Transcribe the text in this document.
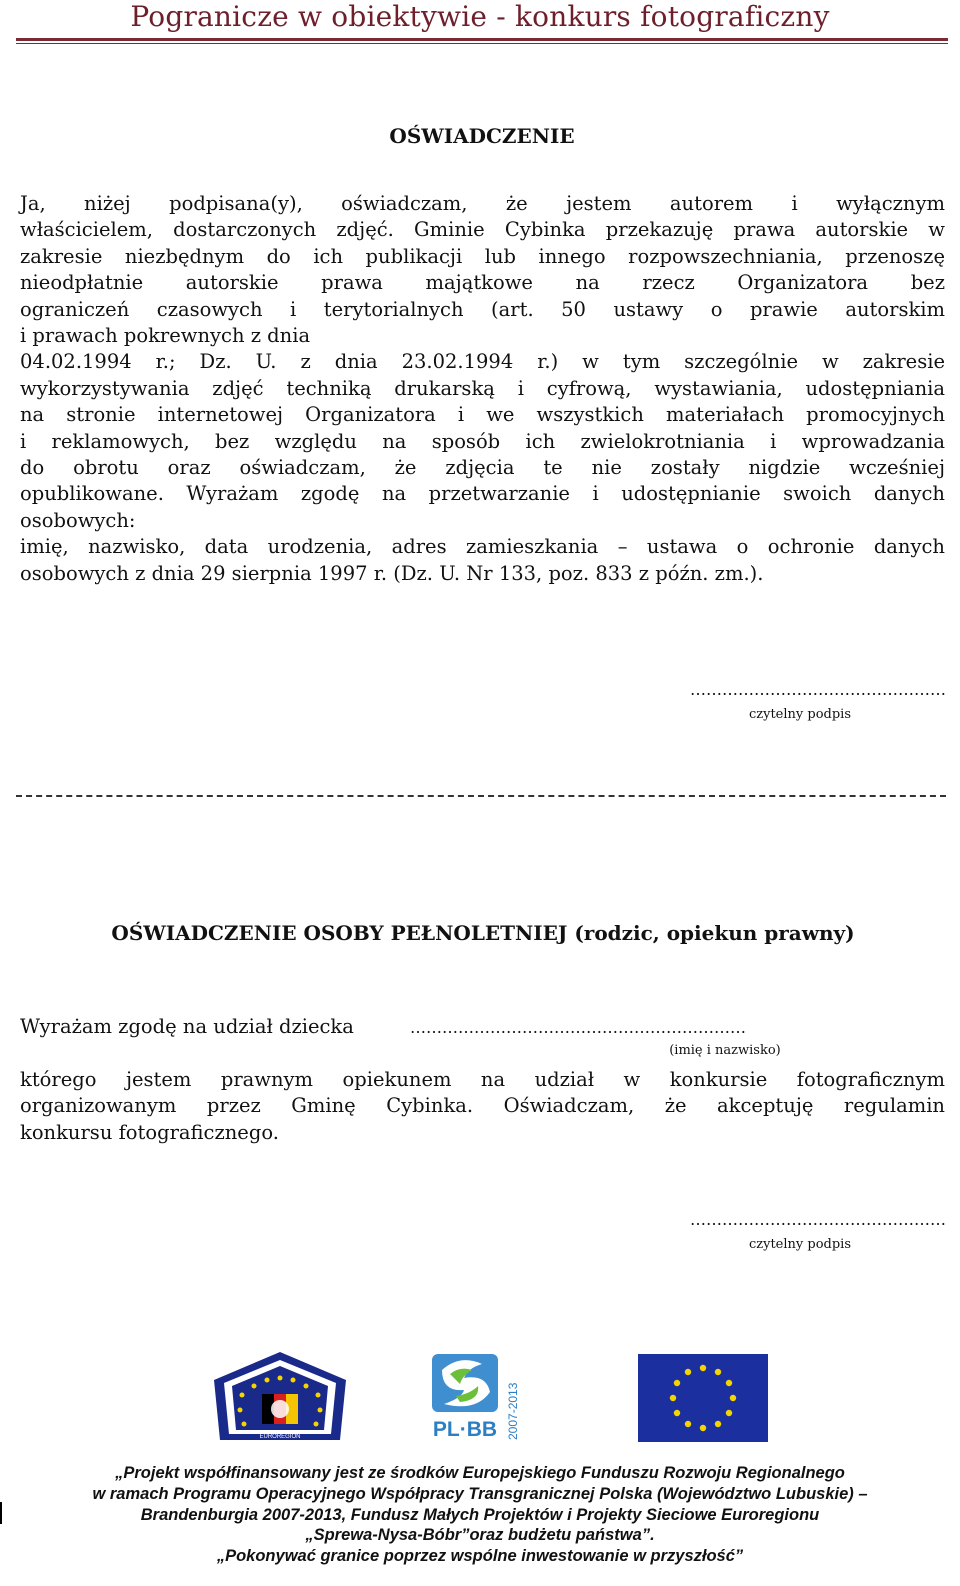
Pogranicze w obiektywie - konkurs fotograficzny
OŚWIADCZENIE
Ja, niżej podpisana(y), oświadczam, że jestem autorem i wyłącznym
właścicielem, dostarczonych zdjęć. Gminie Cybinka przekazuję prawa autorskie w
zakresie niezbędnym do ich publikacji lub innego rozpowszechniania, przenoszę
nieodpłatnie autorskie prawa majątkowe na rzecz Organizatora bez
ograniczeń czasowych i terytorialnych (art. 50 ustawy o prawie autorskim
i prawach pokrewnych z dnia
04.02.1994 r.; Dz. U. z dnia 23.02.1994 r.) w tym szczególnie w zakresie
wykorzystywania zdjęć techniką drukarską i cyfrową, wystawiania, udostępniania
na stronie internetowej Organizatora i we wszystkich materiałach promocyjnych
i reklamowych, bez względu na sposób ich zwielokrotniania i wprowadzania
do obrotu oraz oświadczam, że zdjęcia te nie zostały nigdzie wcześniej
opublikowane. Wyrażam zgodę na przetwarzanie i udostępnianie swoich danych
osobowych:
imię, nazwisko, data urodzenia, adres zamieszkania – ustawa o ochronie danych
osobowych z dnia 29 sierpnia 1997 r. (Dz. U. Nr 133, poz. 833 z późn. zm.).
…………………………………………
czytelny podpis
OŚWIADCZENIE OSOBY PEŁNOLETNIEJ (rodzic, opiekun prawny)
Wyrażam zgodę na udział dziecka	………………………………………………………
(imię i nazwisko)
którego jestem prawnym opiekunem na udział w konkursie fotograficznym
organizowanym przez Gminę Cybinka. Oświadczam, że akceptuję regulamin
konkursu fotograficznego.
…………………………………………
czytelny podpis
EUROREGION	PL·BB 2007-2013
„Projekt współfinansowany jest ze środków Europejskiego Funduszu Rozwoju Regionalnego
w ramach Programu Operacyjnego Współpracy Transgranicznej Polska (Województwo Lubuskie) –
Brandenburgia 2007-2013, Fundusz Małych Projektów i Projekty Sieciowe Euroregionu
„Sprewa-Nysa-Bóbr”oraz budżetu państwa”.
„Pokonywać granice poprzez wspólne inwestowanie w przyszłość”
